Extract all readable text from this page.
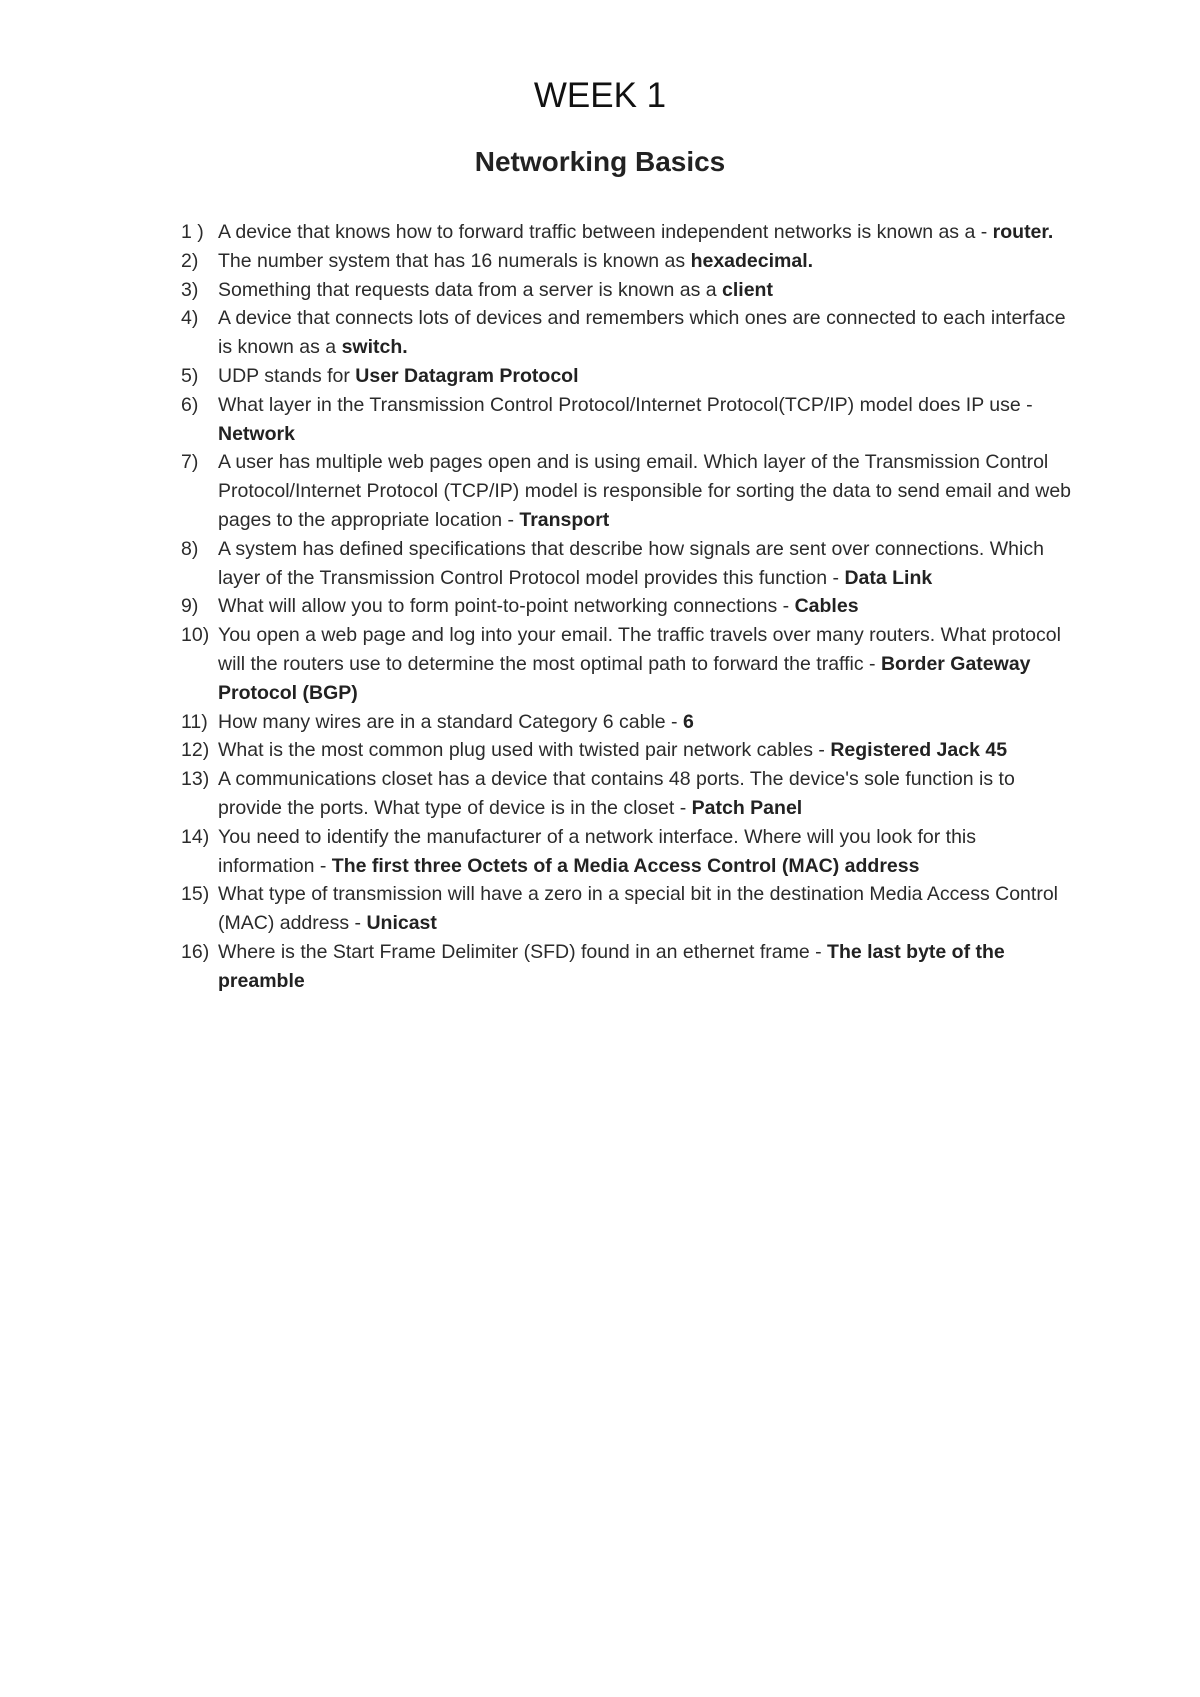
WEEK 1
Networking Basics
1 ) A device that knows how to forward traffic between independent networks is known as a - router.
2) The number system that has 16 numerals is known as hexadecimal.
3) Something that requests data from a server is known as a client
4) A device that connects lots of devices and remembers which ones are connected to each interface is known as a switch.
5) UDP stands for User Datagram Protocol
6) What layer in the Transmission Control Protocol/Internet Protocol(TCP/IP) model does IP use - Network
7) A user has multiple web pages open and is using email. Which layer of the Transmission Control Protocol/Internet Protocol (TCP/IP) model is responsible for sorting the data to send email and web pages to the appropriate location - Transport
8) A system has defined specifications that describe how signals are sent over connections. Which layer of the Transmission Control Protocol model provides this function - Data Link
9) What will allow you to form point-to-point networking connections - Cables
10) You open a web page and log into your email. The traffic travels over many routers. What protocol will the routers use to determine the most optimal path to forward the traffic - Border Gateway Protocol (BGP)
11) How many wires are in a standard Category 6 cable - 6
12) What is the most common plug used with twisted pair network cables - Registered Jack 45
13) A communications closet has a device that contains 48 ports. The device's sole function is to provide the ports. What type of device is in the closet - Patch Panel
14) You need to identify the manufacturer of a network interface. Where will you look for this information - The first three Octets of a Media Access Control (MAC) address
15) What type of transmission will have a zero in a special bit in the destination Media Access Control (MAC) address - Unicast
16) Where is the Start Frame Delimiter (SFD) found in an ethernet frame - The last byte of the preamble
